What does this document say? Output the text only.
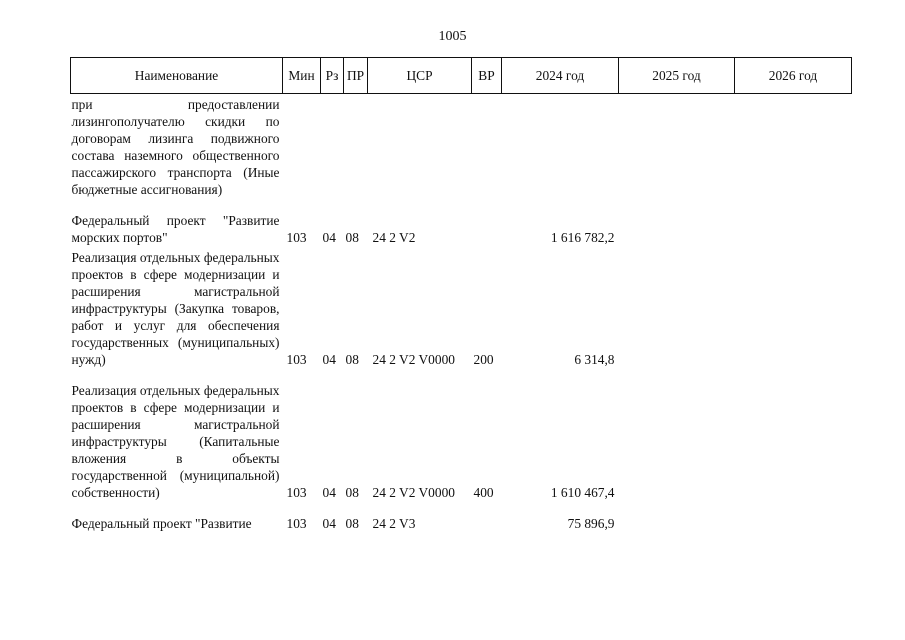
1005
Наименование	Мин	Рз	ПР	ЦСР	ВР	2024 год	2025 год	2026 год
при предоставлении лизингополучателю скидки по договорам лизинга подвижного состава наземного общественного пассажирского транспорта (Иные бюджетные ассигнования)								
Федеральный проект "Развитие морских портов"	103	04	08	24 2 V2		1 616 782,2		
Реализация отдельных федеральных проектов в сфере модернизации и расширения магистральной инфраструктуры (Закупка товаров, работ и услуг для обеспечения государственных (муниципальных) нужд)	103	04	08	24 2 V2 V0000	200	6 314,8		
Реализация отдельных федеральных проектов в сфере модернизации и расширения магистральной инфраструктуры (Капитальные вложения в объекты государственной (муниципальной) собственности)	103	04	08	24 2 V2 V0000	400	1 610 467,4		
Федеральный проект "Развитие	103	04	08	24 2 V3		75 896,9		
